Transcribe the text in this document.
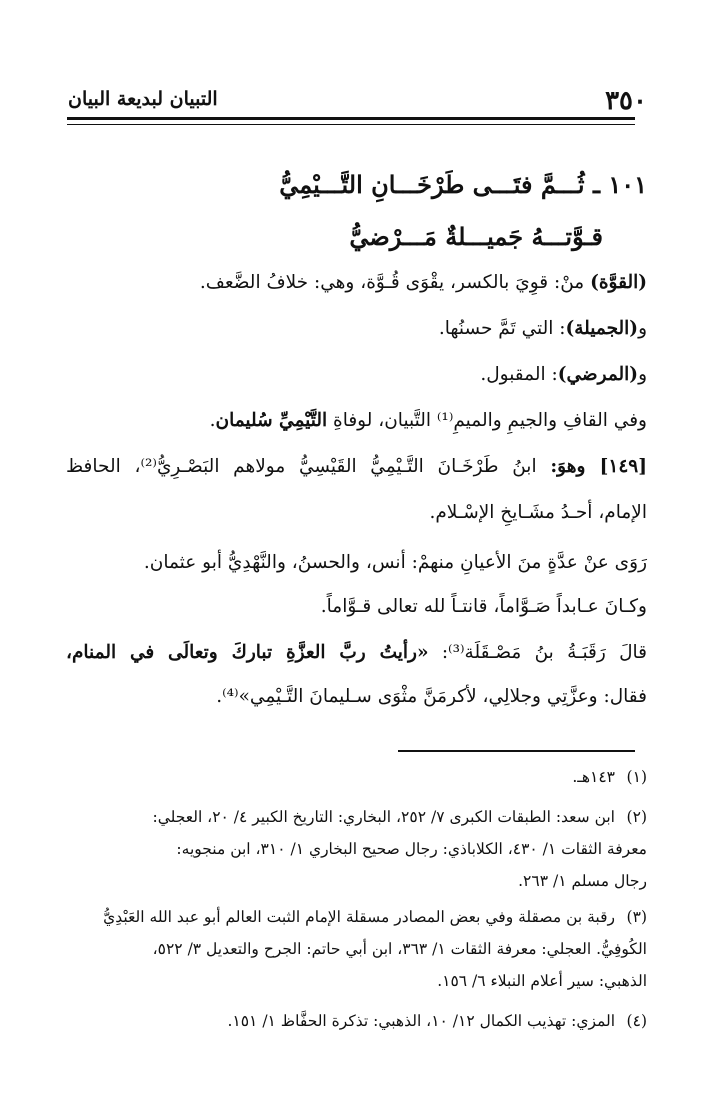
٣٥٠
التبيان لبديعة البيان
١٠١ ـ ثُـــمَّ فتَـــى طَرْخَـــانِ التَّـــيْمِيُّ
قـوَّتـــهُ جَميـــلةٌ مَـــرْضيُّ
(القوَّة) منْ: قوِيَ بالكسر، يقْوَى قُـوَّة، وهي: خلافُ الضَّعف.
و(الجميلة): التي تَمَّ حسنُها.
و(المرضي): المقبول.
وفي القافِ والجيمِ والميمِ⁽¹⁾ التَّبيان، لوفاةِ التَّيْمِيِّ سُليمان.
[١٤٩] وهوَ: ابنُ طَرْخَـانَ التَّـيْمِيُّ القَيْسِيُّ مولاهم البَصْـرِيُّ⁽²⁾، الحافظ
الإمام، أحـدُ مشَـايخِ الإسْـلام.
رَوَى عنْ عدَّةٍ منَ الأعيانِ منهمْ: أنس، والحسنُ، والنَّهْدِيُّ أبو عثمان.
وكـانَ عـابداً صَـوَّاماً، قانتـاً لله تعالى قـوَّاماً.
قالَ رَقَبَـةُ بنُ مَصْـقَلَة⁽³⁾: «رأيتُ ربَّ العزَّةِ تباركَ وتعالَى في المنام،
فقال: وعزَّتِي وجلالِي، لأكرمَنَّ مثْوَى سـليمانَ التَّـيْمِي»⁽⁴⁾.
(١)١٤٣هـ.
(٢)ابن سعد: الطبقات الكبرى ٧/ ٢٥٢، البخاري: التاريخ الكبير ٤/ ٢٠، العجلي:
معرفة الثقات ١/ ٤٣٠، الكلاباذي: رجال صحيح البخاري ١/ ٣١٠، ابن منجويه:
رجال مسلم ١/ ٢٦٣.
(٣)رقبة بن مصقلة وفي بعض المصادر مسقلة الإمام الثبت العالم أبو عبد الله العَبْدِيُّ
الكُوفِيُّ. العجلي: معرفة الثقات ١/ ٣٦٣، ابن أبي حاتم: الجرح والتعديل ٣/ ٥٢٢،
الذهبي: سير أعلام النبلاء ٦/ ١٥٦.
(٤)المزي: تهذيب الكمال ١٢/ ١٠، الذهبي: تذكرة الحفَّاظ ١/ ١٥١.
